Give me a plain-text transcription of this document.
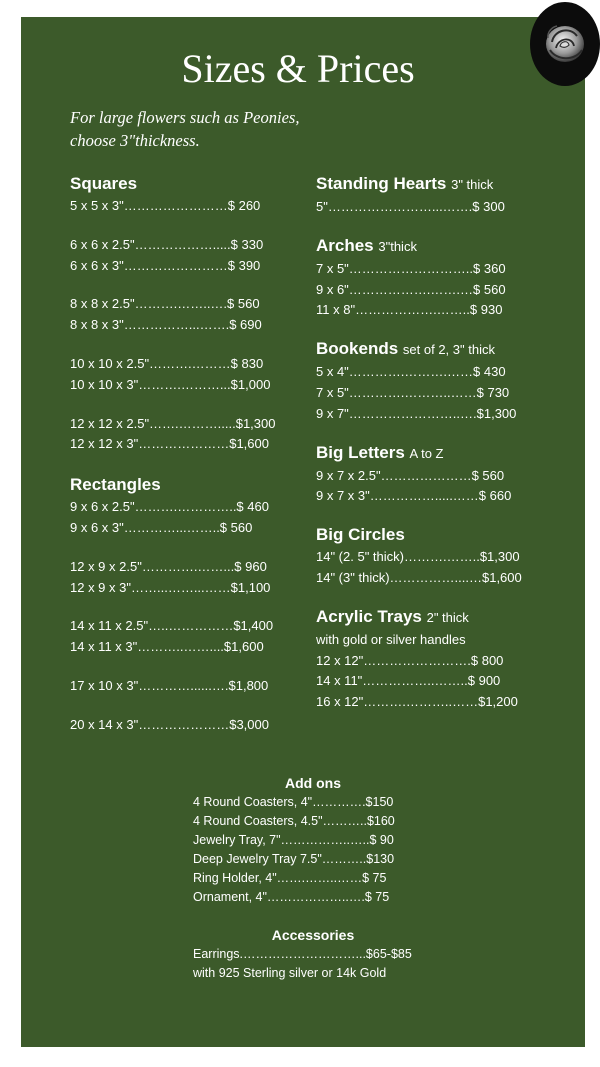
Sizes & Prices
For large flowers such as Peonies, choose 3"thickness.
Squares
5 x 5 x 3"……………………$ 260
6 x 6 x 2.5"……………….....$ 330
6 x 6 x 3"……………………$ 390
8 x 8 x 2.5"……….……..….$ 560
8 x 8 x 3"……………...…….$ 690
10 x 10 x 2.5"……….………$ 830
10 x 10 x 3"……….………...$1,000
12 x 12 x 2.5"…….……….....$1,300
12 x 12 x 3"…………………$1,600
Rectangles
9 x 6 x 2.5"……….…………..$ 460
9 x 6 x 3"…………...……..$ 560
12 x 9 x 2.5"………….……...$ 960
12 x 9 x 3"……...……...……$1,100
14 x 11 x 2.5"…..……………$1,400
14 x 11 x 3"………..……....$1,600
17 x 10 x 3"…………......….$1,800
20 x 14 x 3"…………………$3,000
Standing Hearts 3" thick
5"……………………...…….$ 300
Arches 3"thick
7 x 5"………………………..$ 360
9 x 6"……………….…….…$ 560
11 x 8"……………….……..$ 930
Bookends set of 2, 3" thick
5 x 4"………….……….……$ 430
7 x 5"………….………..……$ 730
9 x 7"……………………..….$1,300
Big Letters A to Z
9 x 7 x 2.5"…………………$ 560
9 x 7 x 3"…………….....……$ 660
Big Circles
14" (2. 5" thick)……….……..$1,300
14" (3" thick)……………....…$1,600
Acrylic Trays 2" thick
with gold or silver handles
12 x 12"…………………….$ 800
14 x 11"……………..……..$ 900
16 x 12"……….………..……$1,200
Add ons
4 Round Coasters, 4"………….$150
4 Round Coasters, 4.5"………..$160
Jewelry Tray, 7"……………..…..$ 90
Deep Jewelry Tray 7.5"………..$130
Ring Holder, 4"…….……..……$ 75
Ornament, 4"………………..….$ 75
Accessories
Earrings.………………………...$65-$85
with 925 Sterling silver or 14k Gold
